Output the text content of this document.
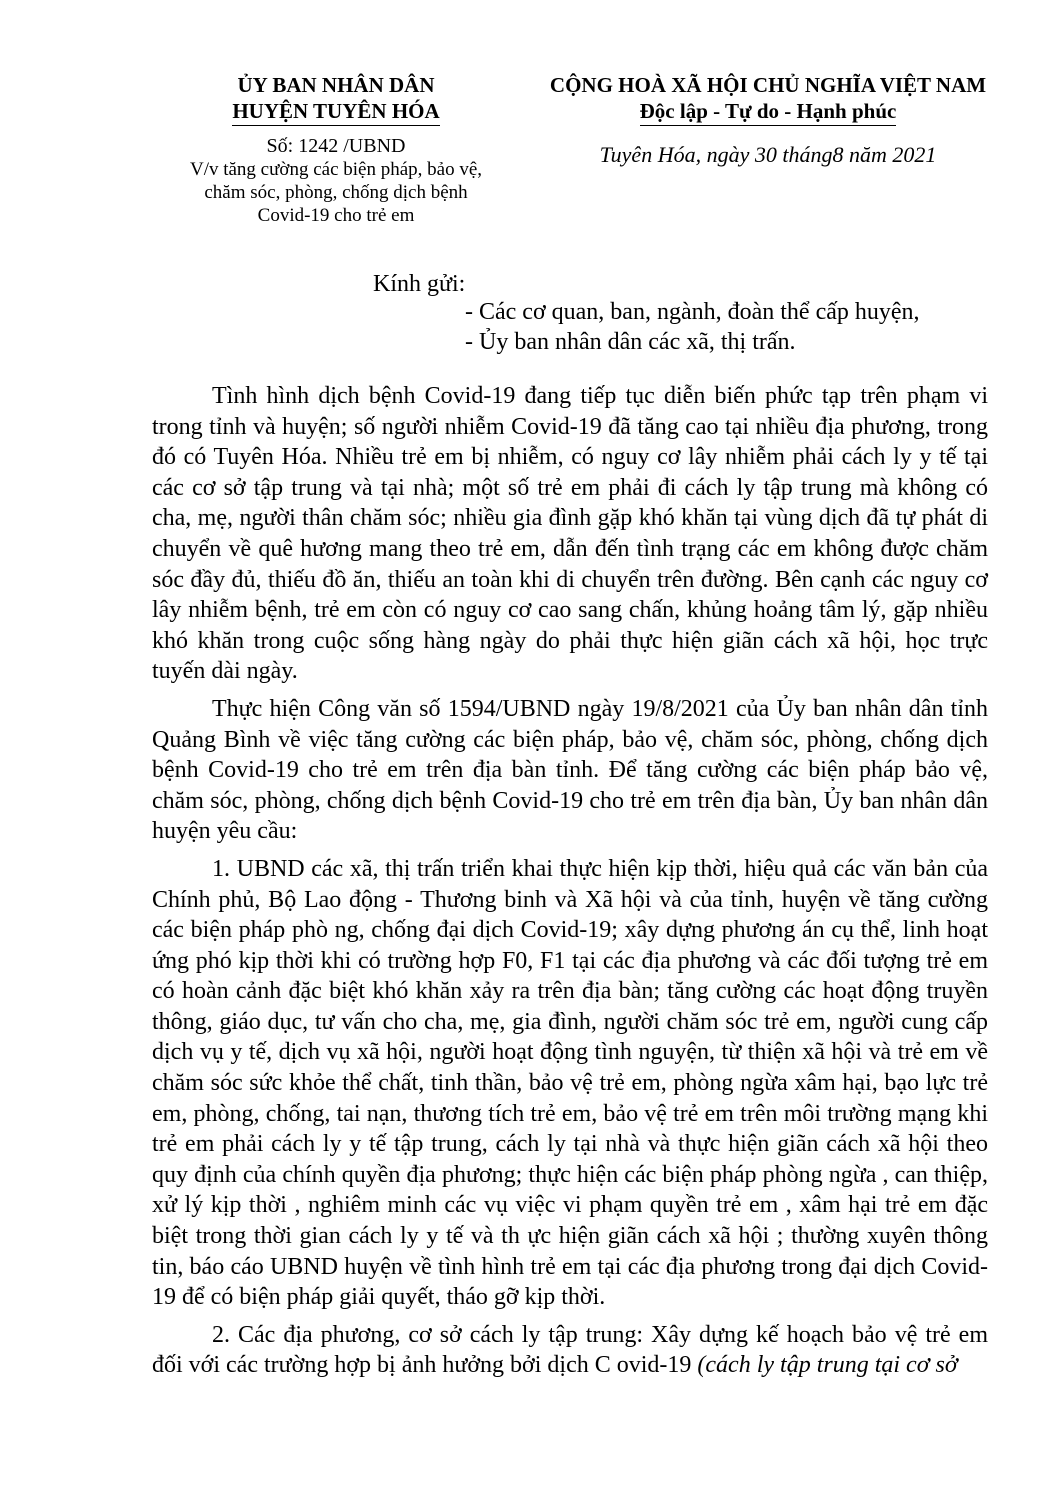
ỦY BAN NHÂN DÂN
HUYỆN TUYÊN HÓA
Số: 1242 /UBND
V/v tăng cường các biện pháp, bảo vệ,
chăm sóc, phòng, chống dịch bệnh
Covid-19 cho trẻ em
CỘNG HOÀ XÃ HỘI CHỦ NGHĨA VIỆT NAM
Độc lập - Tự do - Hạnh phúc
Tuyên Hóa, ngày 30 tháng8 năm 2021
Kính gửi:
- Các cơ quan, ban, ngành, đoàn thể cấp huyện,
- Ủy ban nhân dân các xã, thị trấn.

Tình hình dịch bệnh Covid-19 đang tiếp tục diễn biến phức tạp trên phạm vi trong tỉnh và huyện; số người nhiễm Covid-19 đã tăng cao tại nhiều địa phương, trong đó có Tuyên Hóa. Nhiều trẻ em bị nhiễm, có nguy cơ lây nhiễm phải cách ly y tế tại các cơ sở tập trung và tại nhà; một số trẻ em phải đi cách ly tập trung mà không có cha, mẹ, người thân chăm sóc; nhiều gia đình gặp khó khăn tại vùng dịch đã tự phát di chuyển về quê hương mang theo trẻ em, dẫn đến tình trạng các em không được chăm sóc đầy đủ, thiếu đồ ăn, thiếu an toàn khi di chuyển trên đường. Bên cạnh các nguy cơ lây nhiễm bệnh, trẻ em còn có nguy cơ cao sang chấn, khủng hoảng tâm lý, gặp nhiều khó khăn trong cuộc sống hàng ngày do phải thực hiện giãn cách xã hội, học trực tuyến dài ngày.

Thực hiện Công văn số 1594/UBND ngày 19/8/2021 của Ủy ban nhân dân tỉnh Quảng Bình về việc tăng cường các biện pháp, bảo vệ, chăm sóc, phòng, chống dịch bệnh Covid-19 cho trẻ em trên địa bàn tỉnh. Để tăng cường các biện pháp bảo vệ, chăm sóc, phòng, chống dịch bệnh Covid-19 cho trẻ em trên địa bàn, Ủy ban nhân dân huyện yêu cầu:

1. UBND các xã, thị trấn triển khai thực hiện kịp thời, hiệu quả các văn bản của Chính phủ, Bộ Lao động - Thương binh và Xã hội và của tỉnh, huyện về tăng cường các biện pháp phò ng, chống đại dịch Covid-19; xây dựng phương án cụ thể, linh hoạt ứng phó kịp thời khi có trường hợp F0, F1 tại các địa phương và các đối tượng trẻ em có hoàn cảnh đặc biệt khó khăn xảy ra trên địa bàn; tăng cường các hoạt động truyền thông, giáo dục, tư vấn cho cha, mẹ, gia đình, người chăm sóc trẻ em, người cung cấp dịch vụ y tế, dịch vụ xã hội, người hoạt động tình nguyện, từ thiện xã hội và trẻ em về chăm sóc sức khỏe thể chất, tinh thần, bảo vệ trẻ em, phòng ngừa xâm hại, bạo lực trẻ em, phòng, chống, tai nạn, thương tích trẻ em, bảo vệ trẻ em trên môi trường mạng khi trẻ em phải cách ly y tế tập trung, cách ly tại nhà và thực hiện giãn cách xã hội theo quy định của chính quyền địa phương; thực hiện các biện pháp phòng ngừa , can thiệp, xử lý kịp thời , nghiêm minh các vụ việc vi phạm quyền trẻ em , xâm hại trẻ em đặc biệt trong thời gian cách ly y tế và th ực hiện giãn cách xã hội ; thường xuyên thông tin, báo cáo UBND huyện về tình hình trẻ em tại các địa phương trong đại dịch Covid-19 để có biện pháp giải quyết, tháo gỡ kịp thời.

2. Các địa phương, cơ sở cách ly tập trung: Xây dựng kế hoạch bảo vệ trẻ em đối với các trường hợp bị ảnh hưởng bởi dịch C ovid-19 (cách ly tập trung tại cơ sở
